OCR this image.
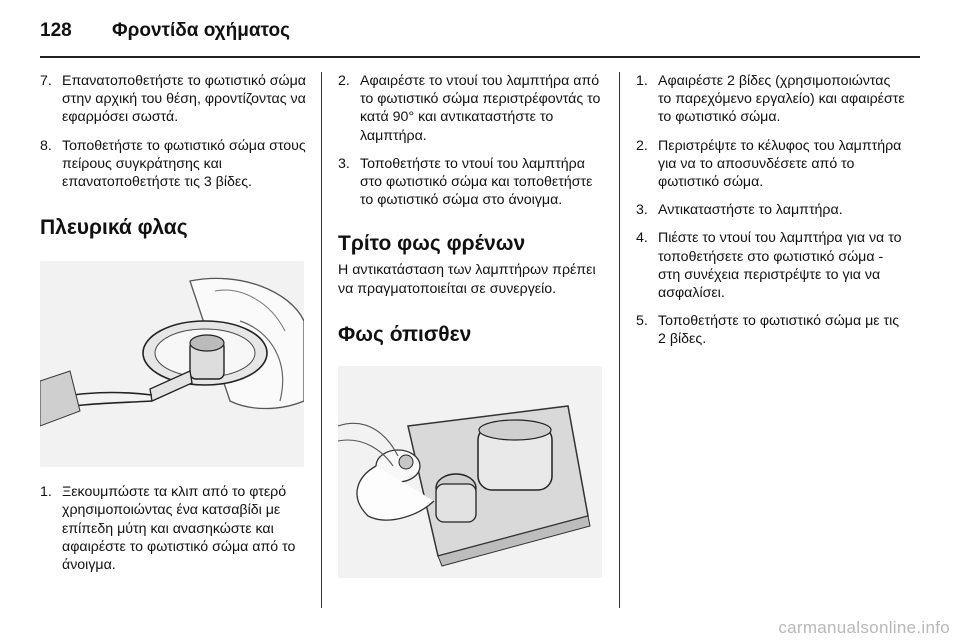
128 Φροντίδα οχήματος
7. Επανατοποθετήστε το φωτιστικό σώμα στην αρχική του θέση, φροντίζοντας να εφαρμόσει σωστά.
8. Τοποθετήστε το φωτιστικό σώμα στους πείρους συγκράτησης και επανατοποθετήστε τις 3 βίδες.
Πλευρικά φλας
1. Ξεκουμπώστε τα κλιπ από το φτερό χρησιμοποιώντας ένα κατσαβίδι με επίπεδη μύτη και ανασηκώστε και αφαιρέστε το φωτιστικό σώμα από το άνοιγμα.
2. Αφαιρέστε το ντουί του λαμπτήρα από το φωτιστικό σώμα περιστρέφοντάς το κατά 90° και αντικαταστήστε το λαμπτήρα.
3. Τοποθετήστε το ντουί του λαμπτήρα στο φωτιστικό σώμα και τοποθετήστε το φωτιστικό σώμα στο άνοιγμα.
Τρίτο φως φρένων

Η αντικατάσταση των λαμπτήρων πρέπει να πραγματοποιείται σε συνεργείο.

Φως όπισθεν
1. Αφαιρέστε 2 βίδες (χρησιμοποιώντας το παρεχόμενο εργαλείο) και αφαιρέστε το φωτιστικό σώμα.
2. Περιστρέψτε το κέλυφος του λαμπτήρα για να το αποσυνδέσετε από το φωτιστικό σώμα.
3. Αντικαταστήστε το λαμπτήρα.
4. Πιέστε το ντουί του λαμπτήρα για να το τοποθετήσετε στο φωτιστικό σώμα - στη συνέχεια περιστρέψτε το για να ασφαλίσει.
5. Τοποθετήστε το φωτιστικό σώμα με τις 2 βίδες.
carmanualsonline.info
